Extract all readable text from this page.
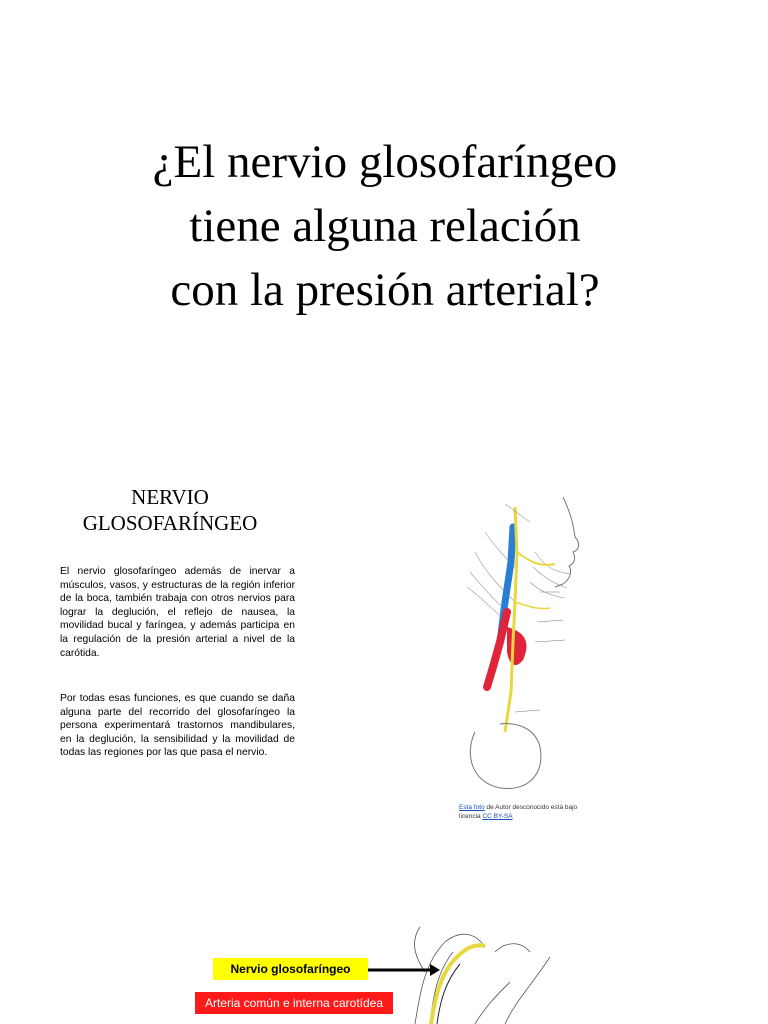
¿El nervio glosofaríngeo
tiene alguna relación
con la presión arterial?
NERVIO
GLOSOFARÍNGEO

El nervio glosofaríngeo además de inervar a músculos, vasos, y estructuras de la región inferior de la boca, también trabaja con otros nervios para lograr la deglución, el reflejo de nausea, la movilidad bucal y faríngea, y además participa en la regulación de la presión arterial a nivel de la carótida.

Por todas esas funciones, es que cuando se daña alguna parte del recorrido del glosofaríngeo la persona experimentará trastornos mandibulares, en la deglución, la sensibilidad y la movilidad de todas las regiones por las que pasa el nervio.

Esta foto de Autor desconocido está bajo licencia CC BY-SA
Nervio glosofaríngeo
Arteria común e interna carotídea
